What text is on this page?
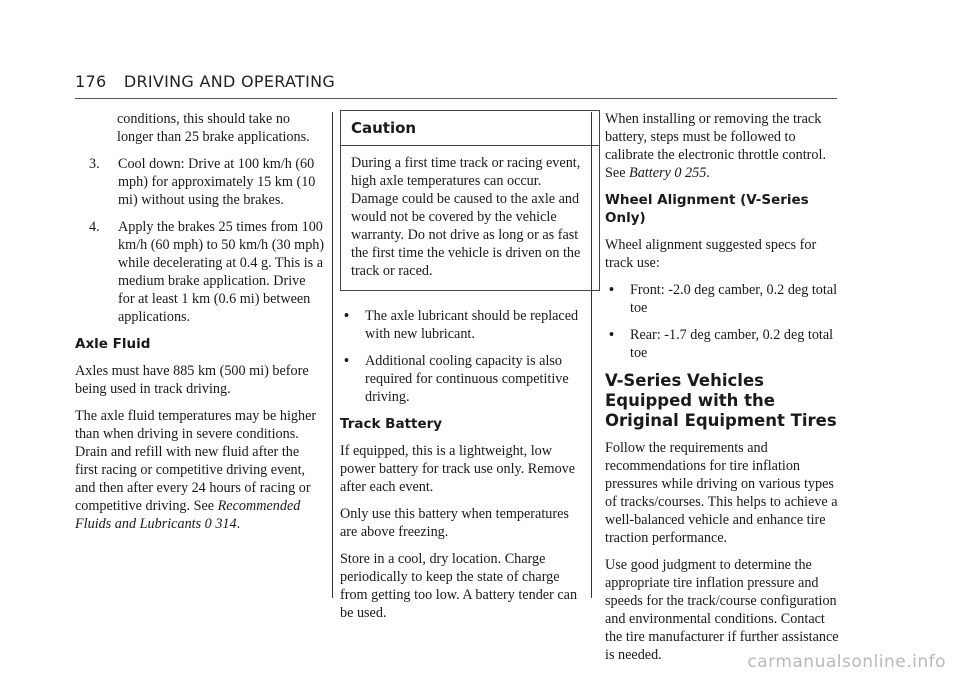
176 DRIVING AND OPERATING

conditions, this should take no longer than 25 brake applications.

3. Cool down: Drive at 100 km/h (60 mph) for approximately 15 km (10 mi) without using the brakes.
4. Apply the brakes 25 times from 100 km/h (60 mph) to 50 km/h (30 mph) while decelerating at 0.4 g. This is a medium brake application. Drive for at least 1 km (0.6 mi) between applications.
Axle Fluid

Axles must have 885 km (500 mi) before being used in track driving.

The axle fluid temperatures may be higher than when driving in severe conditions. Drain and refill with new fluid after the first racing or competitive driving event, and then after every 24 hours of racing or competitive driving. See Recommended Fluids and Lubricants 0 314.

Caution
During a first time track or racing event, high axle temperatures can occur. Damage could be caused to the axle and would not be covered by the vehicle warranty. Do not drive as long or as fast the first time the vehicle is driven on the track or raced.
• The axle lubricant should be replaced with new lubricant.
• Additional cooling capacity is also required for continuous competitive driving.
Track Battery

If equipped, this is a lightweight, low power battery for track use only. Remove after each event.

Only use this battery when temperatures are above freezing.

Store in a cool, dry location. Charge periodically to keep the state of charge from getting too low. A battery tender can be used.

When installing or removing the track battery, steps must be followed to calibrate the electronic throttle control. See Battery 0 255.

Wheel Alignment (V-Series Only)

Wheel alignment suggested specs for track use:

• Front: -2.0 deg camber, 0.2 deg total toe
• Rear: -1.7 deg camber, 0.2 deg total toe
V-Series Vehicles Equipped with the Original Equipment Tires

Follow the requirements and recommendations for tire inflation pressures while driving on various types of tracks/courses. This helps to achieve a well-balanced vehicle and enhance tire traction performance.

Use good judgment to determine the appropriate tire inflation pressure and speeds for the track/course configuration and environmental conditions. Contact the tire manufacturer if further assistance is needed.	carmanualsonline.info
